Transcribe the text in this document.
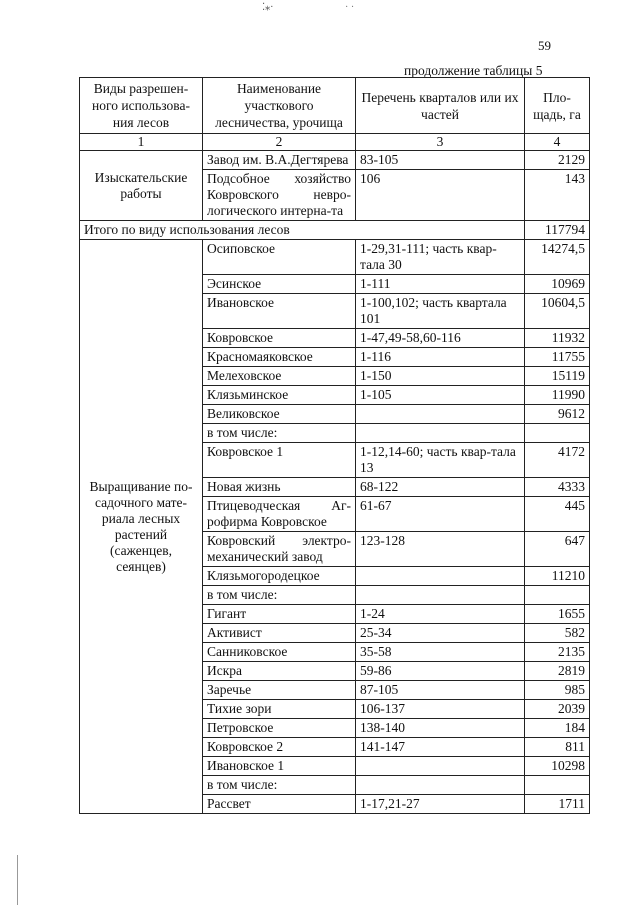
⁚⁎·	· ·
59
продолжение таблицы 5
Виды разрешен-ного использова-ния лесов	Наименование участкового лесничества, урочища	Перечень кварталов или их частей	Пло-щадь, га
1	2	3	4
Изыскательские работы	Завод им. В.А.Дегтярева	83-105	2129
	Подсобное хозяйство Ковровского невро-логического интерна-та	106	143
Итого по виду использования лесов			117794
Выращивание по-садочного мате-риала лесных растений (саженцев, сеянцев)	Осиповское	1-29,31-111; часть квар-тала 30	14274,5
	Эсинское	1-111	10969
	Ивановское	1-100,102; часть квартала 101	10604,5
	Ковровское	1-47,49-58,60-116	11932
	Красномаяковское	1-116	11755
	Мелеховское	1-150	15119
	Клязьминское	1-105	11990
	Великовское		9612
	в том числе:		
	Ковровское 1	1-12,14-60; часть квар-тала 13	4172
	Новая жизнь	68-122	4333
	Птицеводческая Аг-рофирма Ковровское	61-67	445
	Ковровский электро-механический завод	123-128	647
	Клязьмогородецкое		11210
	в том числе:		
	Гигант	1-24	1655
	Активист	25-34	582
	Санниковское	35-58	2135
	Искра	59-86	2819
	Заречье	87-105	985
	Тихие зори	106-137	2039
	Петровское	138-140	184
	Ковровское 2	141-147	811
	Ивановское 1		10298
	в том числе:		
	Рассвет	1-17,21-27	1711
